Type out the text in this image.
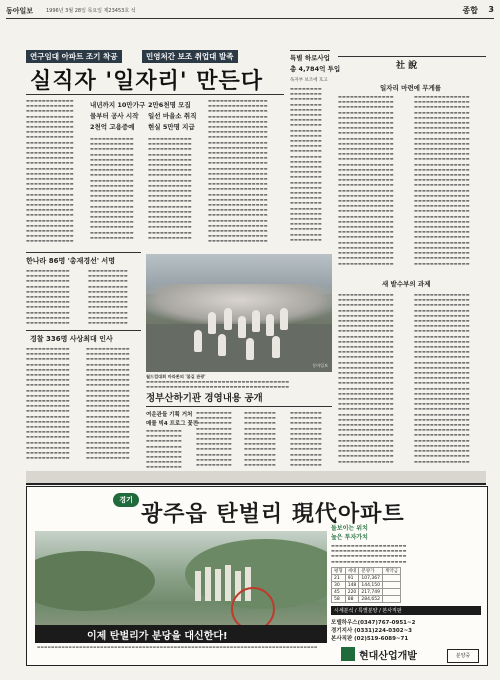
동아일보	1996년 3월 28일 목요일 제23453호 석	종합 3
연구임대 아파트 조기 착공	민영처간 보조 취업대 발족
실직자 '일자리' 만든다
내년까지 10만가구
물부터 공사 시작
2천억 고용증예
2만6천명 모집
일선 마을소 취직
현실 5만명 지급
▬▬▬▬▬▬▬▬▬▬▬▬ ▬▬▬▬▬▬▬▬▬▬▬▬ ▬▬▬▬▬▬▬▬▬▬▬▬ ▬▬▬▬▬▬▬▬▬▬▬▬ ▬▬▬▬▬▬▬▬▬▬▬▬ ▬▬▬▬▬▬▬▬▬▬▬▬ ▬▬▬▬▬▬▬▬▬▬▬▬ ▬▬▬▬▬▬▬▬▬▬▬▬ ▬▬▬▬▬▬▬▬▬▬▬▬ ▬▬▬▬▬▬▬▬▬▬▬▬ ▬▬▬▬▬▬▬▬▬▬▬▬ ▬▬▬▬▬▬▬▬▬▬▬▬ ▬▬▬▬▬▬▬▬▬▬▬▬ ▬▬▬▬▬▬▬▬▬▬▬▬ ▬▬▬▬▬▬▬▬▬▬▬▬ ▬▬▬▬▬▬▬▬▬▬▬▬ ▬▬▬▬▬▬▬▬▬▬▬▬ ▬▬▬▬▬▬▬▬▬▬▬▬ ▬▬▬▬▬▬▬▬▬▬▬▬ ▬▬▬▬▬▬▬▬▬▬▬▬ ▬▬▬▬▬▬▬▬▬▬▬▬ ▬▬▬▬▬▬▬▬▬▬▬▬ ▬▬▬▬▬▬▬▬▬▬▬▬ ▬▬▬▬▬▬▬▬▬▬▬▬ ▬▬▬▬▬▬▬▬▬▬▬▬ ▬▬▬▬▬▬▬▬▬▬▬▬ ▬▬▬▬▬▬▬▬▬▬▬▬ ▬▬▬▬▬▬▬▬▬▬▬▬
▬▬▬▬▬▬▬▬▬▬▬ ▬▬▬▬▬▬▬▬▬▬▬ ▬▬▬▬▬▬▬▬▬▬▬ ▬▬▬▬▬▬▬▬▬▬▬ ▬▬▬▬▬▬▬▬▬▬▬ ▬▬▬▬▬▬▬▬▬▬▬ ▬▬▬▬▬▬▬▬▬▬▬ ▬▬▬▬▬▬▬▬▬▬▬ ▬▬▬▬▬▬▬▬▬▬▬ ▬▬▬▬▬▬▬▬▬▬▬ ▬▬▬▬▬▬▬▬▬▬▬ ▬▬▬▬▬▬▬▬▬▬▬ ▬▬▬▬▬▬▬▬▬▬▬ ▬▬▬▬▬▬▬▬▬▬▬ ▬▬▬▬▬▬▬▬▬▬▬ ▬▬▬▬▬▬▬▬▬▬▬ ▬▬▬▬▬▬▬▬▬▬▬ ▬▬▬▬▬▬▬▬▬▬▬ ▬▬▬▬▬▬▬▬▬▬▬ ▬▬▬▬▬▬▬▬▬▬▬
▬▬▬▬▬▬▬▬▬▬▬ ▬▬▬▬▬▬▬▬▬▬▬ ▬▬▬▬▬▬▬▬▬▬▬ ▬▬▬▬▬▬▬▬▬▬▬ ▬▬▬▬▬▬▬▬▬▬▬ ▬▬▬▬▬▬▬▬▬▬▬ ▬▬▬▬▬▬▬▬▬▬▬ ▬▬▬▬▬▬▬▬▬▬▬ ▬▬▬▬▬▬▬▬▬▬▬ ▬▬▬▬▬▬▬▬▬▬▬ ▬▬▬▬▬▬▬▬▬▬▬ ▬▬▬▬▬▬▬▬▬▬▬ ▬▬▬▬▬▬▬▬▬▬▬ ▬▬▬▬▬▬▬▬▬▬▬ ▬▬▬▬▬▬▬▬▬▬▬ ▬▬▬▬▬▬▬▬▬▬▬ ▬▬▬▬▬▬▬▬▬▬▬ ▬▬▬▬▬▬▬▬▬▬▬ ▬▬▬▬▬▬▬▬▬▬▬ ▬▬▬▬▬▬▬▬▬▬▬
▬▬▬▬▬▬▬▬▬▬▬▬▬▬▬ ▬▬▬▬▬▬▬▬▬▬▬▬▬▬▬ ▬▬▬▬▬▬▬▬▬▬▬▬▬▬▬ ▬▬▬▬▬▬▬▬▬▬▬▬▬▬▬ ▬▬▬▬▬▬▬▬▬▬▬▬▬▬▬ ▬▬▬▬▬▬▬▬▬▬▬▬▬▬▬ ▬▬▬▬▬▬▬▬▬▬▬▬▬▬▬ ▬▬▬▬▬▬▬▬▬▬▬▬▬▬▬ ▬▬▬▬▬▬▬▬▬▬▬▬▬▬▬ ▬▬▬▬▬▬▬▬▬▬▬▬▬▬▬ ▬▬▬▬▬▬▬▬▬▬▬▬▬▬▬ ▬▬▬▬▬▬▬▬▬▬▬▬▬▬▬ ▬▬▬▬▬▬▬▬▬▬▬▬▬▬▬ ▬▬▬▬▬▬▬▬▬▬▬▬▬▬▬ ▬▬▬▬▬▬▬▬▬▬▬▬▬▬▬ ▬▬▬▬▬▬▬▬▬▬▬▬▬▬▬ ▬▬▬▬▬▬▬▬▬▬▬▬▬▬▬ ▬▬▬▬▬▬▬▬▬▬▬▬▬▬▬ ▬▬▬▬▬▬▬▬▬▬▬▬▬▬▬ ▬▬▬▬▬▬▬▬▬▬▬▬▬▬▬ ▬▬▬▬▬▬▬▬▬▬▬▬▬▬▬ ▬▬▬▬▬▬▬▬▬▬▬▬▬▬▬ ▬▬▬▬▬▬▬▬▬▬▬▬▬▬▬ ▬▬▬▬▬▬▬▬▬▬▬▬▬▬▬ ▬▬▬▬▬▬▬▬▬▬▬▬▬▬▬ ▬▬▬▬▬▬▬▬▬▬▬▬▬▬▬ ▬▬▬▬▬▬▬▬▬▬▬▬▬▬▬ ▬▬▬▬▬▬▬▬▬▬▬▬▬▬▬
특별 하로사업
총 4,784억 투입
독자부 보조에 호고
▬▬▬▬▬▬▬▬ ▬▬▬▬▬▬▬▬ ▬▬▬▬▬▬▬▬ ▬▬▬▬▬▬▬▬ ▬▬▬▬▬▬▬▬ ▬▬▬▬▬▬▬▬ ▬▬▬▬▬▬▬▬ ▬▬▬▬▬▬▬▬ ▬▬▬▬▬▬▬▬ ▬▬▬▬▬▬▬▬ ▬▬▬▬▬▬▬▬ ▬▬▬▬▬▬▬▬ ▬▬▬▬▬▬▬▬ ▬▬▬▬▬▬▬▬ ▬▬▬▬▬▬▬▬ ▬▬▬▬▬▬▬▬ ▬▬▬▬▬▬▬▬ ▬▬▬▬▬▬▬▬ ▬▬▬▬▬▬▬▬ ▬▬▬▬▬▬▬▬ ▬▬▬▬▬▬▬▬ ▬▬▬▬▬▬▬▬ ▬▬▬▬▬▬▬▬ ▬▬▬▬▬▬▬▬ ▬▬▬▬▬▬▬▬ ▬▬▬▬▬▬▬▬ ▬▬▬▬▬▬▬▬ ▬▬▬▬▬▬▬▬ ▬▬▬▬▬▬▬▬ ▬▬▬▬▬▬▬▬
社 說
일자리 마련에 무게를
▬▬▬▬▬▬▬▬▬▬▬▬▬▬ ▬▬▬▬▬▬▬▬▬▬▬▬▬▬ ▬▬▬▬▬▬▬▬▬▬▬▬▬▬ ▬▬▬▬▬▬▬▬▬▬▬▬▬▬ ▬▬▬▬▬▬▬▬▬▬▬▬▬▬ ▬▬▬▬▬▬▬▬▬▬▬▬▬▬ ▬▬▬▬▬▬▬▬▬▬▬▬▬▬ ▬▬▬▬▬▬▬▬▬▬▬▬▬▬ ▬▬▬▬▬▬▬▬▬▬▬▬▬▬ ▬▬▬▬▬▬▬▬▬▬▬▬▬▬ ▬▬▬▬▬▬▬▬▬▬▬▬▬▬ ▬▬▬▬▬▬▬▬▬▬▬▬▬▬ ▬▬▬▬▬▬▬▬▬▬▬▬▬▬ ▬▬▬▬▬▬▬▬▬▬▬▬▬▬ ▬▬▬▬▬▬▬▬▬▬▬▬▬▬ ▬▬▬▬▬▬▬▬▬▬▬▬▬▬ ▬▬▬▬▬▬▬▬▬▬▬▬▬▬ ▬▬▬▬▬▬▬▬▬▬▬▬▬▬ ▬▬▬▬▬▬▬▬▬▬▬▬▬▬ ▬▬▬▬▬▬▬▬▬▬▬▬▬▬ ▬▬▬▬▬▬▬▬▬▬▬▬▬▬ ▬▬▬▬▬▬▬▬▬▬▬▬▬▬ ▬▬▬▬▬▬▬▬▬▬▬▬▬▬ ▬▬▬▬▬▬▬▬▬▬▬▬▬▬ ▬▬▬▬▬▬▬▬▬▬▬▬▬▬ ▬▬▬▬▬▬▬▬▬▬▬▬▬▬ ▬▬▬▬▬▬▬▬▬▬▬▬▬▬ ▬▬▬▬▬▬▬▬▬▬▬▬▬▬ ▬▬▬▬▬▬▬▬▬▬▬▬▬▬ ▬▬▬▬▬▬▬▬▬▬▬▬▬▬ ▬▬▬▬▬▬▬▬▬▬▬▬▬▬ ▬▬▬▬▬▬▬▬▬▬▬▬▬▬ ▬▬▬▬▬▬▬▬▬▬▬▬▬▬
▬▬▬▬▬▬▬▬▬▬▬▬▬▬ ▬▬▬▬▬▬▬▬▬▬▬▬▬▬ ▬▬▬▬▬▬▬▬▬▬▬▬▬▬ ▬▬▬▬▬▬▬▬▬▬▬▬▬▬ ▬▬▬▬▬▬▬▬▬▬▬▬▬▬ ▬▬▬▬▬▬▬▬▬▬▬▬▬▬ ▬▬▬▬▬▬▬▬▬▬▬▬▬▬ ▬▬▬▬▬▬▬▬▬▬▬▬▬▬ ▬▬▬▬▬▬▬▬▬▬▬▬▬▬ ▬▬▬▬▬▬▬▬▬▬▬▬▬▬ ▬▬▬▬▬▬▬▬▬▬▬▬▬▬ ▬▬▬▬▬▬▬▬▬▬▬▬▬▬ ▬▬▬▬▬▬▬▬▬▬▬▬▬▬ ▬▬▬▬▬▬▬▬▬▬▬▬▬▬ ▬▬▬▬▬▬▬▬▬▬▬▬▬▬ ▬▬▬▬▬▬▬▬▬▬▬▬▬▬ ▬▬▬▬▬▬▬▬▬▬▬▬▬▬ ▬▬▬▬▬▬▬▬▬▬▬▬▬▬ ▬▬▬▬▬▬▬▬▬▬▬▬▬▬ ▬▬▬▬▬▬▬▬▬▬▬▬▬▬ ▬▬▬▬▬▬▬▬▬▬▬▬▬▬ ▬▬▬▬▬▬▬▬▬▬▬▬▬▬ ▬▬▬▬▬▬▬▬▬▬▬▬▬▬ ▬▬▬▬▬▬▬▬▬▬▬▬▬▬ ▬▬▬▬▬▬▬▬▬▬▬▬▬▬ ▬▬▬▬▬▬▬▬▬▬▬▬▬▬ ▬▬▬▬▬▬▬▬▬▬▬▬▬▬ ▬▬▬▬▬▬▬▬▬▬▬▬▬▬ ▬▬▬▬▬▬▬▬▬▬▬▬▬▬ ▬▬▬▬▬▬▬▬▬▬▬▬▬▬ ▬▬▬▬▬▬▬▬▬▬▬▬▬▬ ▬▬▬▬▬▬▬▬▬▬▬▬▬▬ ▬▬▬▬▬▬▬▬▬▬▬▬▬▬
새 밭수부의 과제
▬▬▬▬▬▬▬▬▬▬▬▬▬▬ ▬▬▬▬▬▬▬▬▬▬▬▬▬▬ ▬▬▬▬▬▬▬▬▬▬▬▬▬▬ ▬▬▬▬▬▬▬▬▬▬▬▬▬▬ ▬▬▬▬▬▬▬▬▬▬▬▬▬▬ ▬▬▬▬▬▬▬▬▬▬▬▬▬▬ ▬▬▬▬▬▬▬▬▬▬▬▬▬▬ ▬▬▬▬▬▬▬▬▬▬▬▬▬▬ ▬▬▬▬▬▬▬▬▬▬▬▬▬▬ ▬▬▬▬▬▬▬▬▬▬▬▬▬▬ ▬▬▬▬▬▬▬▬▬▬▬▬▬▬ ▬▬▬▬▬▬▬▬▬▬▬▬▬▬ ▬▬▬▬▬▬▬▬▬▬▬▬▬▬ ▬▬▬▬▬▬▬▬▬▬▬▬▬▬ ▬▬▬▬▬▬▬▬▬▬▬▬▬▬ ▬▬▬▬▬▬▬▬▬▬▬▬▬▬ ▬▬▬▬▬▬▬▬▬▬▬▬▬▬ ▬▬▬▬▬▬▬▬▬▬▬▬▬▬ ▬▬▬▬▬▬▬▬▬▬▬▬▬▬ ▬▬▬▬▬▬▬▬▬▬▬▬▬▬ ▬▬▬▬▬▬▬▬▬▬▬▬▬▬ ▬▬▬▬▬▬▬▬▬▬▬▬▬▬ ▬▬▬▬▬▬▬▬▬▬▬▬▬▬ ▬▬▬▬▬▬▬▬▬▬▬▬▬▬ ▬▬▬▬▬▬▬▬▬▬▬▬▬▬ ▬▬▬▬▬▬▬▬▬▬▬▬▬▬ ▬▬▬▬▬▬▬▬▬▬▬▬▬▬ ▬▬▬▬▬▬▬▬▬▬▬▬▬▬ ▬▬▬▬▬▬▬▬▬▬▬▬▬▬ ▬▬▬▬▬▬▬▬▬▬▬▬▬▬ ▬▬▬▬▬▬▬▬▬▬▬▬▬▬ ▬▬▬▬▬▬▬▬▬▬▬▬▬▬ ▬▬▬▬▬▬▬▬▬▬▬▬▬▬
▬▬▬▬▬▬▬▬▬▬▬▬▬▬ ▬▬▬▬▬▬▬▬▬▬▬▬▬▬ ▬▬▬▬▬▬▬▬▬▬▬▬▬▬ ▬▬▬▬▬▬▬▬▬▬▬▬▬▬ ▬▬▬▬▬▬▬▬▬▬▬▬▬▬ ▬▬▬▬▬▬▬▬▬▬▬▬▬▬ ▬▬▬▬▬▬▬▬▬▬▬▬▬▬ ▬▬▬▬▬▬▬▬▬▬▬▬▬▬ ▬▬▬▬▬▬▬▬▬▬▬▬▬▬ ▬▬▬▬▬▬▬▬▬▬▬▬▬▬ ▬▬▬▬▬▬▬▬▬▬▬▬▬▬ ▬▬▬▬▬▬▬▬▬▬▬▬▬▬ ▬▬▬▬▬▬▬▬▬▬▬▬▬▬ ▬▬▬▬▬▬▬▬▬▬▬▬▬▬ ▬▬▬▬▬▬▬▬▬▬▬▬▬▬ ▬▬▬▬▬▬▬▬▬▬▬▬▬▬ ▬▬▬▬▬▬▬▬▬▬▬▬▬▬ ▬▬▬▬▬▬▬▬▬▬▬▬▬▬ ▬▬▬▬▬▬▬▬▬▬▬▬▬▬ ▬▬▬▬▬▬▬▬▬▬▬▬▬▬ ▬▬▬▬▬▬▬▬▬▬▬▬▬▬ ▬▬▬▬▬▬▬▬▬▬▬▬▬▬ ▬▬▬▬▬▬▬▬▬▬▬▬▬▬ ▬▬▬▬▬▬▬▬▬▬▬▬▬▬ ▬▬▬▬▬▬▬▬▬▬▬▬▬▬ ▬▬▬▬▬▬▬▬▬▬▬▬▬▬ ▬▬▬▬▬▬▬▬▬▬▬▬▬▬ ▬▬▬▬▬▬▬▬▬▬▬▬▬▬ ▬▬▬▬▬▬▬▬▬▬▬▬▬▬ ▬▬▬▬▬▬▬▬▬▬▬▬▬▬ ▬▬▬▬▬▬▬▬▬▬▬▬▬▬ ▬▬▬▬▬▬▬▬▬▬▬▬▬▬ ▬▬▬▬▬▬▬▬▬▬▬▬▬▬
한나라 86명 '총재경선' 서명
▬▬▬▬▬▬▬▬▬▬▬ ▬▬▬▬▬▬▬▬▬▬▬ ▬▬▬▬▬▬▬▬▬▬▬ ▬▬▬▬▬▬▬▬▬▬▬ ▬▬▬▬▬▬▬▬▬▬▬ ▬▬▬▬▬▬▬▬▬▬▬ ▬▬▬▬▬▬▬▬▬▬▬ ▬▬▬▬▬▬▬▬▬▬▬ ▬▬▬▬▬▬▬▬▬▬▬ ▬▬▬▬▬▬▬▬▬▬▬ ▬▬▬▬▬▬▬▬▬▬▬
▬▬▬▬▬▬▬▬▬▬ ▬▬▬▬▬▬▬▬▬▬ ▬▬▬▬▬▬▬▬▬▬ ▬▬▬▬▬▬▬▬▬▬ ▬▬▬▬▬▬▬▬▬▬ ▬▬▬▬▬▬▬▬▬▬ ▬▬▬▬▬▬▬▬▬▬ ▬▬▬▬▬▬▬▬▬▬ ▬▬▬▬▬▬▬▬▬▬ ▬▬▬▬▬▬▬▬▬▬ ▬▬▬▬▬▬▬▬▬▬
경찰 336명 사상최대 인사
▬▬▬▬▬▬▬▬▬▬▬ ▬▬▬▬▬▬▬▬▬▬▬ ▬▬▬▬▬▬▬▬▬▬▬ ▬▬▬▬▬▬▬▬▬▬▬ ▬▬▬▬▬▬▬▬▬▬▬ ▬▬▬▬▬▬▬▬▬▬▬ ▬▬▬▬▬▬▬▬▬▬▬ ▬▬▬▬▬▬▬▬▬▬▬ ▬▬▬▬▬▬▬▬▬▬▬ ▬▬▬▬▬▬▬▬▬▬▬ ▬▬▬▬▬▬▬▬▬▬▬ ▬▬▬▬▬▬▬▬▬▬▬ ▬▬▬▬▬▬▬▬▬▬▬ ▬▬▬▬▬▬▬▬▬▬▬ ▬▬▬▬▬▬▬▬▬▬▬ ▬▬▬▬▬▬▬▬▬▬▬ ▬▬▬▬▬▬▬▬▬▬▬ ▬▬▬▬▬▬▬▬▬▬▬ ▬▬▬▬▬▬▬▬▬▬▬ ▬▬▬▬▬▬▬▬▬▬▬ ▬▬▬▬▬▬▬▬▬▬▬ ▬▬▬▬▬▬▬▬▬▬▬
▬▬▬▬▬▬▬▬▬▬▬ ▬▬▬▬▬▬▬▬▬▬▬ ▬▬▬▬▬▬▬▬▬▬▬ ▬▬▬▬▬▬▬▬▬▬▬ ▬▬▬▬▬▬▬▬▬▬▬ ▬▬▬▬▬▬▬▬▬▬▬ ▬▬▬▬▬▬▬▬▬▬▬ ▬▬▬▬▬▬▬▬▬▬▬ ▬▬▬▬▬▬▬▬▬▬▬ ▬▬▬▬▬▬▬▬▬▬▬ ▬▬▬▬▬▬▬▬▬▬▬ ▬▬▬▬▬▬▬▬▬▬▬ ▬▬▬▬▬▬▬▬▬▬▬ ▬▬▬▬▬▬▬▬▬▬▬ ▬▬▬▬▬▬▬▬▬▬▬ ▬▬▬▬▬▬▬▬▬▬▬ ▬▬▬▬▬▬▬▬▬▬▬ ▬▬▬▬▬▬▬▬▬▬▬ ▬▬▬▬▬▬▬▬▬▬▬ ▬▬▬▬▬▬▬▬▬▬▬ ▬▬▬▬▬▬▬▬▬▬▬ ▬▬▬▬▬▬▬▬▬▬▬
동아일보
월드컵대회 마라톤의 '봄길 관광'
▬▬▬▬▬▬▬▬▬▬▬▬▬▬▬▬▬▬▬▬▬▬▬▬▬▬▬▬▬▬▬▬▬▬▬▬ ▬▬▬▬▬▬▬▬▬▬▬▬▬▬▬▬▬▬▬▬▬▬▬▬▬▬▬▬▬▬▬▬▬▬▬▬
정부산하기관 경영내용 공개
여운관들 기획 거처
매물 빅4 프로그 꽃전
▬▬▬▬▬▬▬▬▬ ▬▬▬▬▬▬▬▬▬ ▬▬▬▬▬▬▬▬▬ ▬▬▬▬▬▬▬▬▬ ▬▬▬▬▬▬▬▬▬ ▬▬▬▬▬▬▬▬▬ ▬▬▬▬▬▬▬▬▬ ▬▬▬▬▬▬▬▬▬
▬▬▬▬▬▬▬▬▬ ▬▬▬▬▬▬▬▬▬ ▬▬▬▬▬▬▬▬▬ ▬▬▬▬▬▬▬▬▬ ▬▬▬▬▬▬▬▬▬ ▬▬▬▬▬▬▬▬▬ ▬▬▬▬▬▬▬▬▬ ▬▬▬▬▬▬▬▬▬ ▬▬▬▬▬▬▬▬▬ ▬▬▬▬▬▬▬▬▬ ▬▬▬▬▬▬▬▬▬
▬▬▬▬▬▬▬▬ ▬▬▬▬▬▬▬▬ ▬▬▬▬▬▬▬▬ ▬▬▬▬▬▬▬▬ ▬▬▬▬▬▬▬▬ ▬▬▬▬▬▬▬▬ ▬▬▬▬▬▬▬▬ ▬▬▬▬▬▬▬▬ ▬▬▬▬▬▬▬▬ ▬▬▬▬▬▬▬▬ ▬▬▬▬▬▬▬▬
▬▬▬▬▬▬▬▬ ▬▬▬▬▬▬▬▬ ▬▬▬▬▬▬▬▬ ▬▬▬▬▬▬▬▬ ▬▬▬▬▬▬▬▬ ▬▬▬▬▬▬▬▬ ▬▬▬▬▬▬▬▬ ▬▬▬▬▬▬▬▬ ▬▬▬▬▬▬▬▬ ▬▬▬▬▬▬▬▬ ▬▬▬▬▬▬▬▬
경기
광주읍 탄벌리 現代아파트
이제 탄벌리가 분당을 대신한다!
▬▬▬▬▬▬▬▬▬▬▬▬▬▬▬▬▬▬▬▬▬▬▬▬▬▬▬▬▬▬▬▬▬▬▬▬▬▬▬▬▬▬▬▬▬▬▬▬▬▬▬▬▬▬▬▬▬▬▬▬▬▬▬▬▬▬▬▬▬▬▬▬▬▬▬▬▬▬▬▬
돌보이는 위치
높은 투자가치
▬▬▬▬▬▬▬▬▬▬▬▬▬▬▬▬▬▬▬ ▬▬▬▬▬▬▬▬▬▬▬▬▬▬▬▬▬▬▬ ▬▬▬▬▬▬▬▬▬▬▬▬▬▬▬▬▬▬▬ ▬▬▬▬▬▬▬▬▬▬▬▬▬▬▬▬▬▬▬
평형	세대	분양가	계약금
21	91	107,367	
30	148	144,150	
45	220	217,749	
58	88	284,652	
시세분석 / 특별분양 / 본사직판
모델하우스(0347)767-0951~2
경기지사 (0331)224-0302~3
본사직판 (02)519-6089~71
현대산업개발	분양중
